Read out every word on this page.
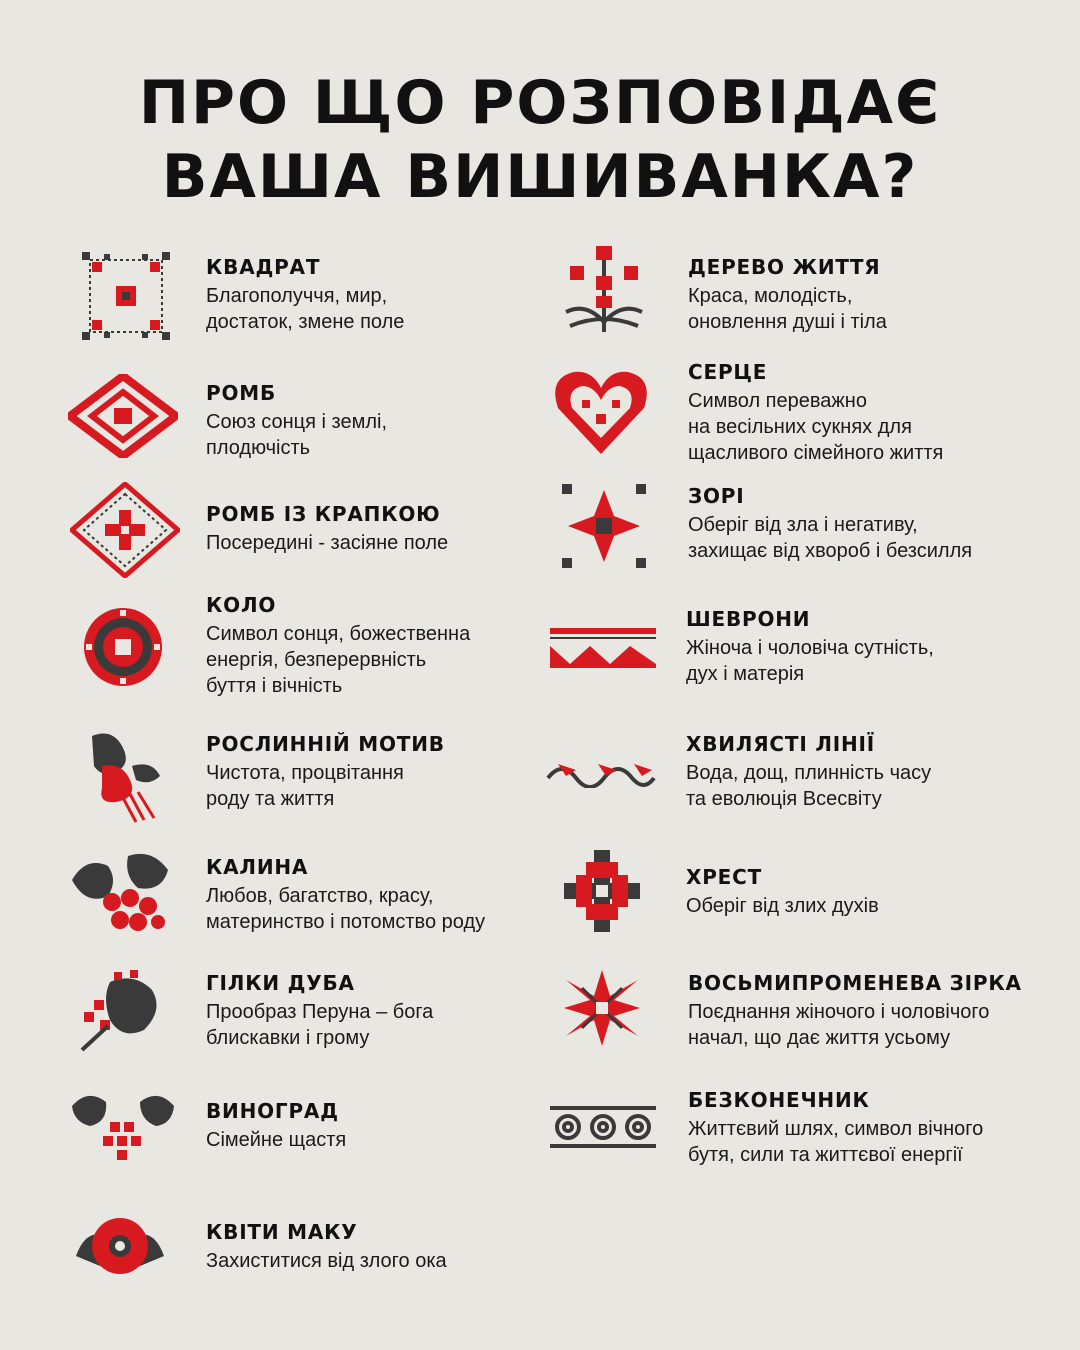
ПРО ЩО РОЗПОВІДАЄ
ВАША ВИШИВАНКА?

КВАДРАТ

Благополуччя, мир,
достаток, змене поле

РОМБ

Союз сонця і землі,
плодючість

РОМБ ІЗ КРАПКОЮ

Посередині - засіяне поле

КОЛО

Символ сонця, божественна
енергія, безперервність
буття і вічність

РОСЛИННІЙ МОТИВ

Чистота, процвітання
роду та життя

КАЛИНА

Любов, багатство, красу,
материнство і потомство роду

ГІЛКИ ДУБА

Прообраз Перуна – бога
блискавки і грому

ВИНОГРАД

Сімейне щастя

КВІТИ МАКУ

Захиститися від злого ока

ДЕРЕВО ЖИТТЯ

Краса, молодість,
оновлення душі і тіла

СЕРЦЕ

Символ переважно
на весільних сукнях для
щасливого сімейного життя

ЗОРІ

Оберіг від зла і негативу,
захищає від хвороб і безсилля

ШЕВРОНИ

Жіноча і чоловіча сутність,
дух і матерія

ХВИЛЯСТІ ЛІНІЇ

Вода, дощ, плинність часу
та еволюція Всесвіту

ХРЕСТ

Оберіг від злих духів

ВОСЬМИПРОМЕНЕВА ЗІРКА

Поєднання жіночого і чоловічого
начал, що дає життя усьому

БЕЗКОНЕЧНИК

Життєвий шлях, символ вічного
бутя, сили та життєвої енергії
